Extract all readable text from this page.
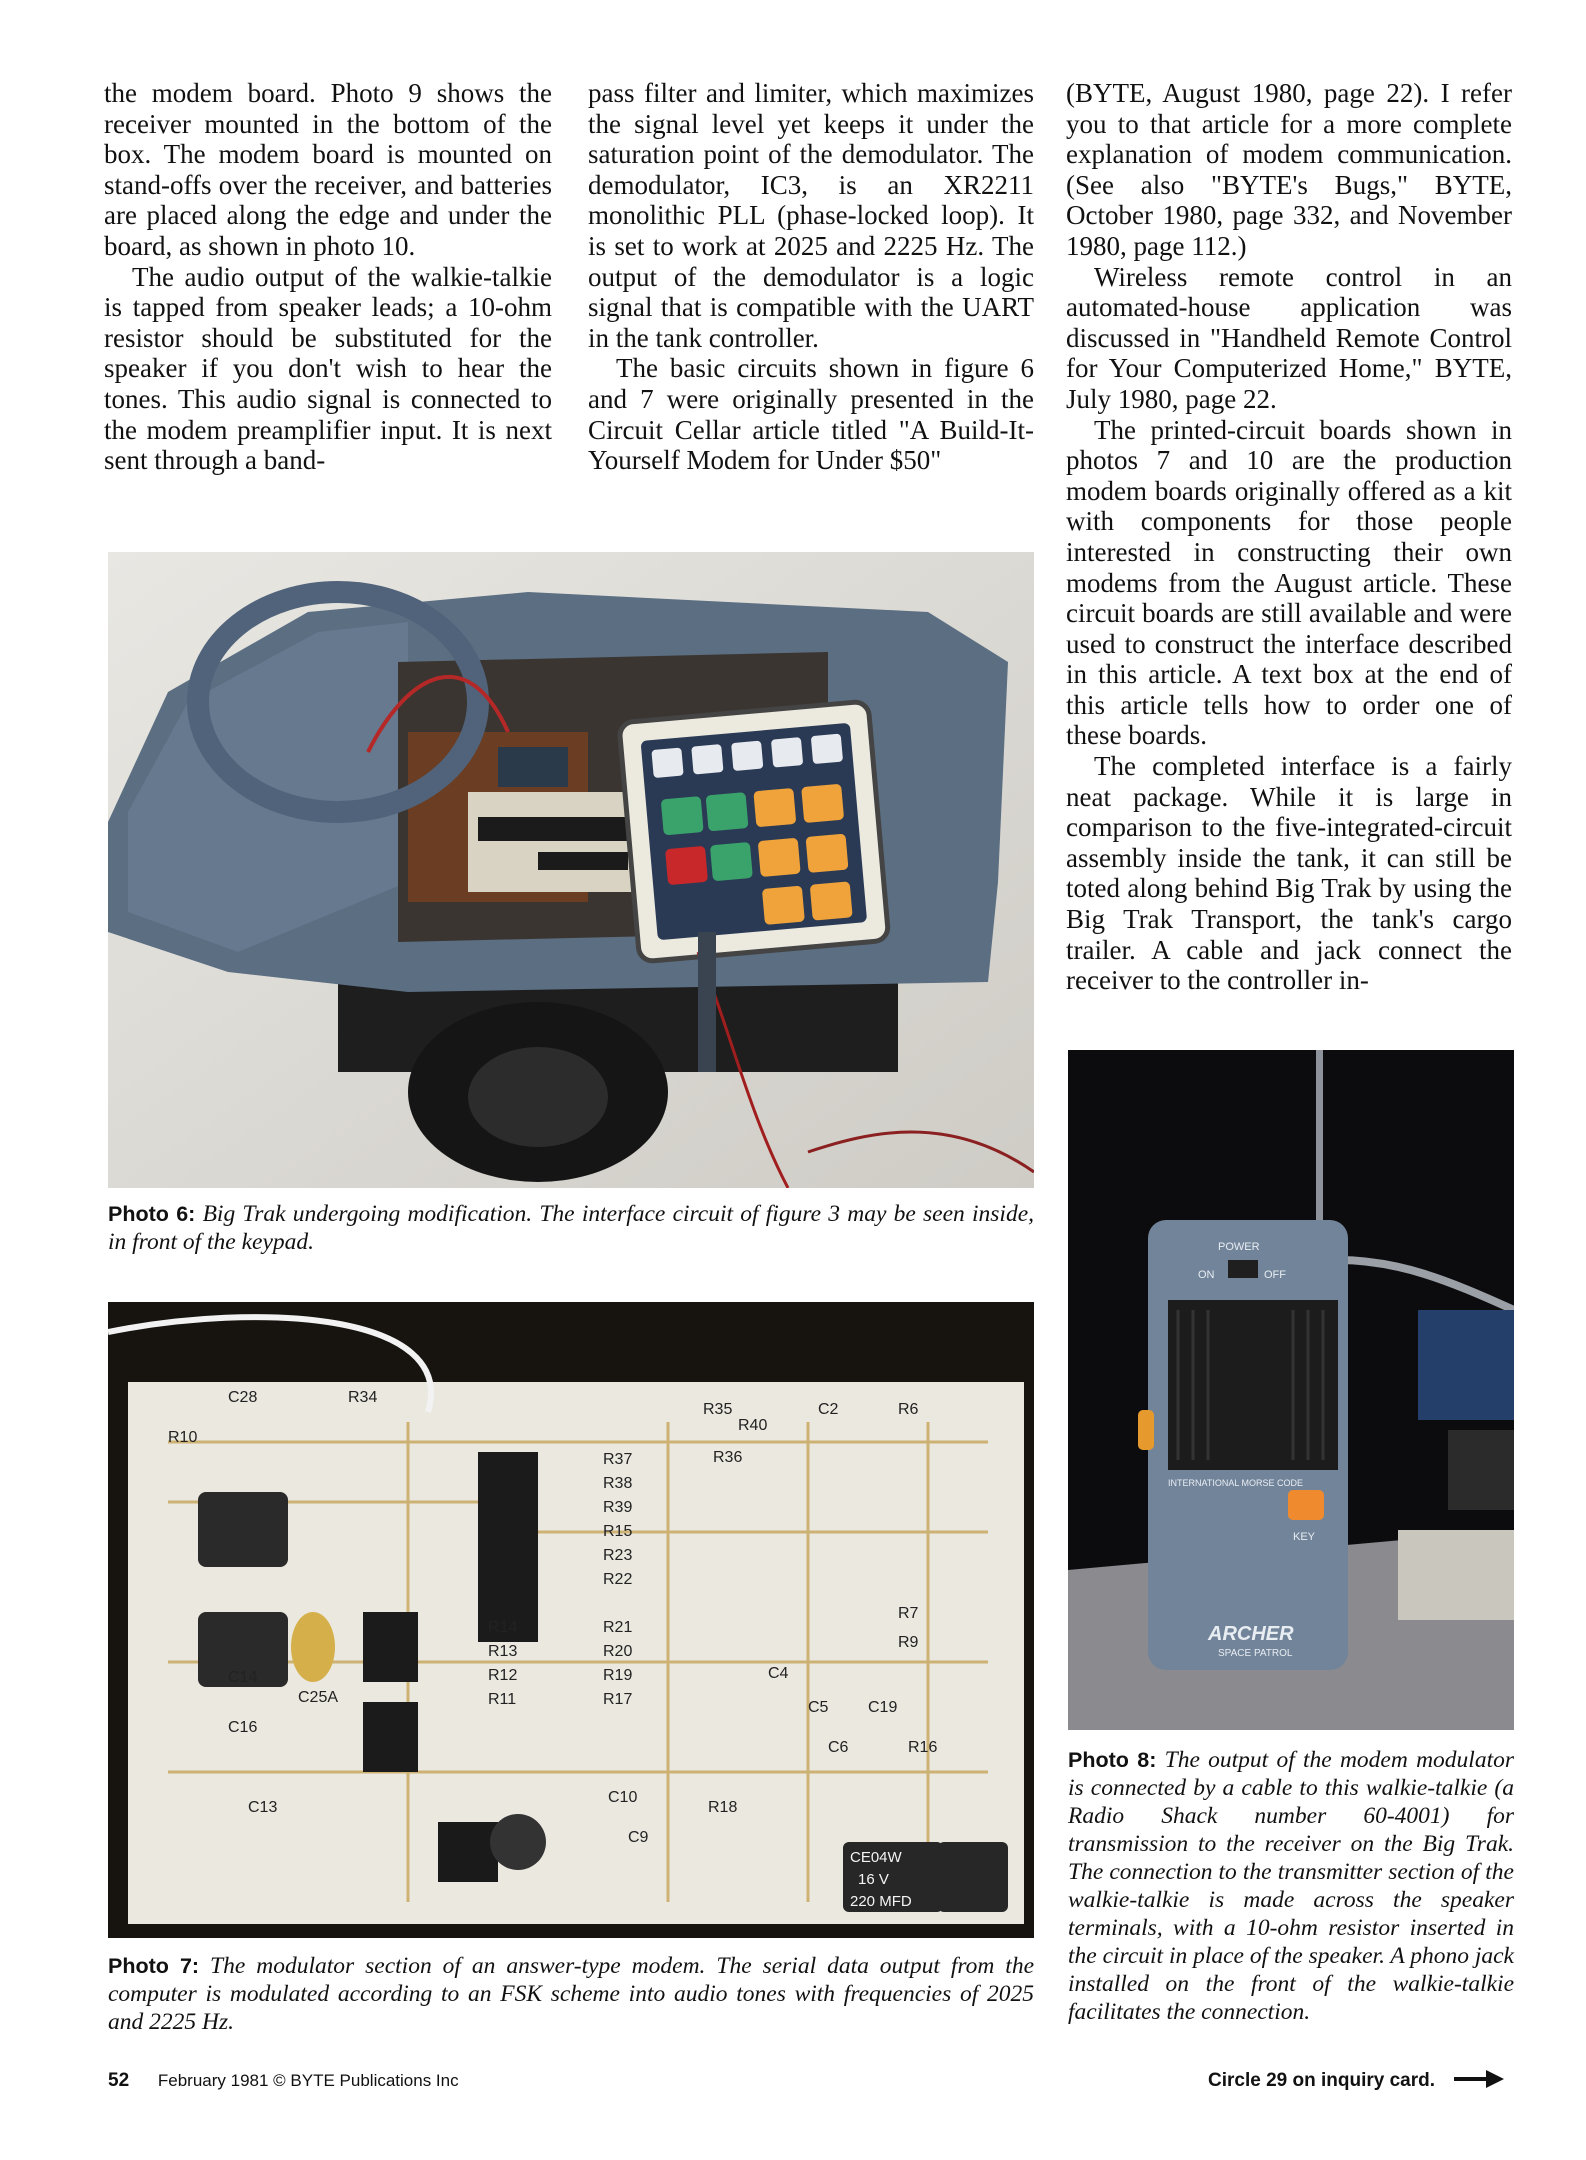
the modem board. Photo 9 shows the receiver mounted in the bottom of the box. The modem board is mounted on stand-offs over the receiver, and batteries are placed along the edge and under the board, as shown in photo 10.

The audio output of the walkie-talkie is tapped from speaker leads; a 10-ohm resistor should be substituted for the speaker if you don't wish to hear the tones. This audio signal is connected to the modem preamplifier input. It is next sent through a band-

pass filter and limiter, which maximizes the signal level yet keeps it under the saturation point of the demodulator. The demodulator, IC3, is an XR2211 monolithic PLL (phase-locked loop). It is set to work at 2025 and 2225 Hz. The output of the demodulator is a logic signal that is compatible with the UART in the tank controller.

The basic circuits shown in figure 6 and 7 were originally presented in the Circuit Cellar article titled "A Build-It-Yourself Modem for Under $50"

(BYTE, August 1980, page 22). I refer you to that article for a more complete explanation of modem communication. (See also "BYTE's Bugs," BYTE, October 1980, page 332, and November 1980, page 112.)

Wireless remote control in an automated-house application was discussed in "Handheld Remote Control for Your Computerized Home," BYTE, July 1980, page 22.

The printed-circuit boards shown in photos 7 and 10 are the production modem boards originally offered as a kit with components for those people interested in constructing their own modems from the August article. These circuit boards are still available and were used to construct the interface described in this article. A text box at the end of this article tells how to order one of these boards.

The completed interface is a fairly neat package. While it is large in comparison to the five-integrated-circuit assembly inside the tank, it can still be toted along behind Big Trak by using the Big Trak Transport, the tank's cargo trailer. A cable and jack connect the receiver to the controller in-

Photo 6: Big Trak undergoing modification. The interface circuit of figure 3 may be seen inside, in front of the keypad.

C28	R34
R35
R40
C2	R6
R10
R36
R37
R38
R39
R15
R23
R22
R14
R13
R12
R11
R21
R20
R19
R17
R18
R7
R9
C4
C5 C19
C6	R16
C14
C16
C13
C10
C9
C25A
CE04W
16 V
220 MFD

Photo 7: The modulator section of an answer-type modem. The serial data output from the computer is modulated according to an FSK scheme into audio tones with frequencies of 2025 and 2225 Hz.

POWER
ON	OFF
INTERNATIONAL MORSE CODE
KEY
ARCHER
SPACE PATROL

Photo 8: The output of the modem modulator is connected by a cable to this walkie-talkie (a Radio Shack number 60-4001) for transmission to the receiver on the Big Trak. The connection to the transmitter section of the walkie-talkie is made across the speaker terminals, with a 10-ohm resistor inserted in the circuit in place of the speaker. A phono jack installed on the front of the walkie-talkie facilitates the connection.

52 February 1981 © BYTE Publications Inc	Circle 29 on inquiry card.
